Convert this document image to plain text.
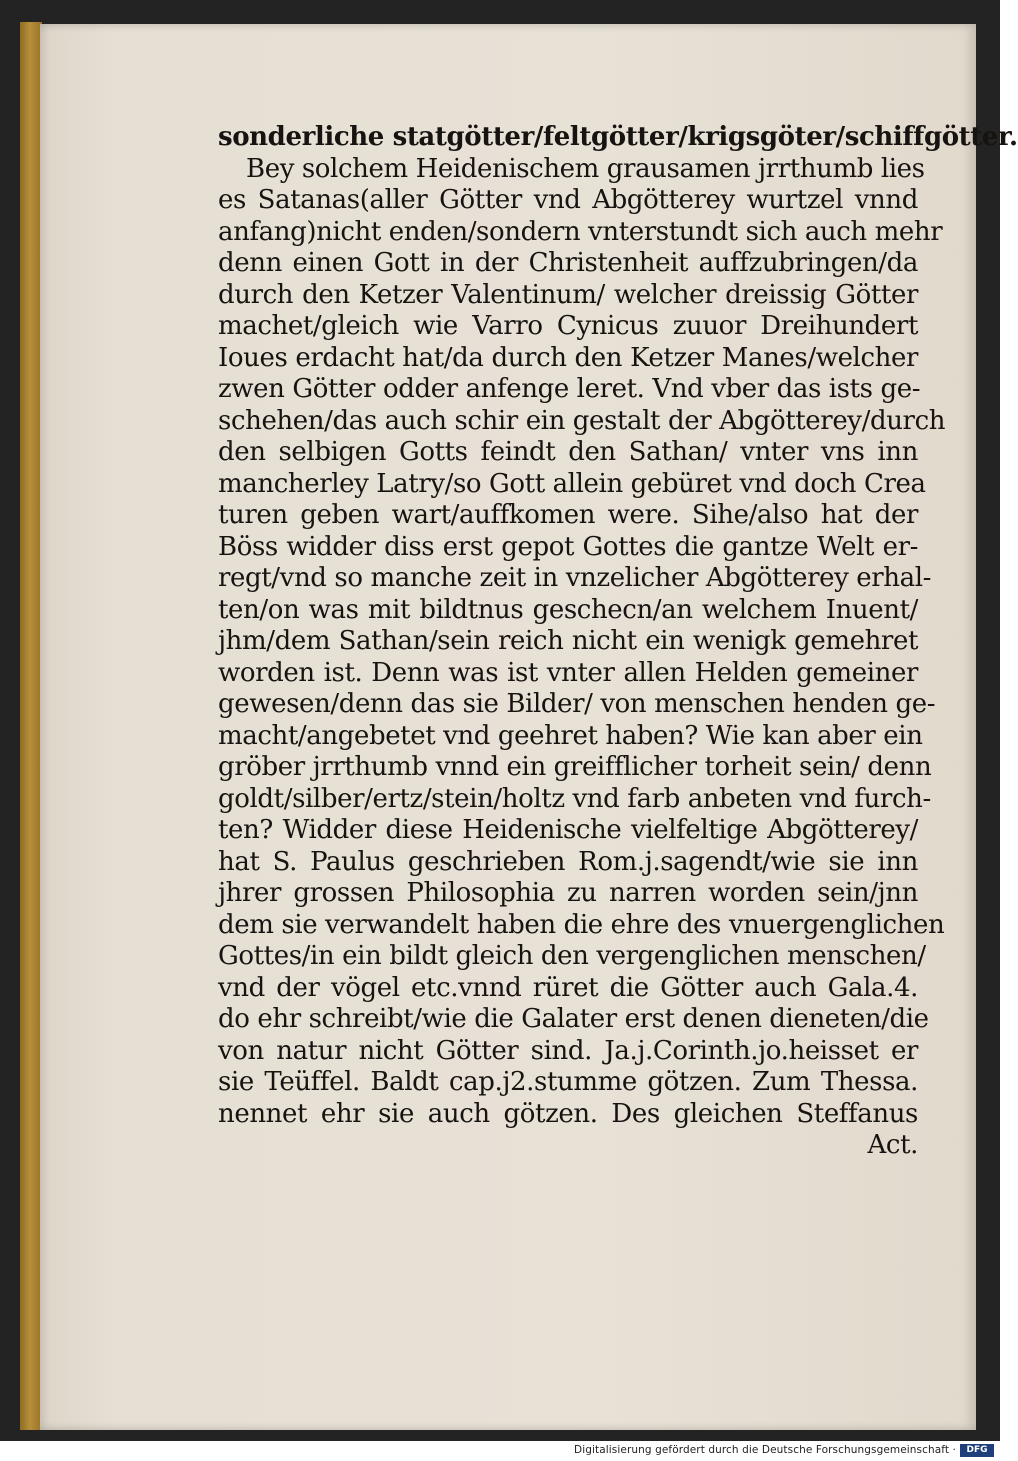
sonderliche statgötter/feltgötter/krigsgöter/schiffgötter.
Bey solchem Heidenischem grausamen jrrthumb lies
es Satanas(aller Götter vnd Abgötterey wurtzel vnnd
anfang)nicht enden/sondern vnterstundt sich auch mehr
denn einen Gott in der Christenheit auffzubringen/da
durch den Ketzer Valentinum/ welcher dreissig Götter
machet/gleich wie Varro Cynicus zuuor Dreihundert
Ioues erdacht hat/da durch den Ketzer Manes/welcher
zwen Götter odder anfenge leret. Vnd vber das ists ge-
schehen/das auch schir ein gestalt der Abgötterey/durch
den selbigen Gotts feindt den Sathan/ vnter vns inn
mancherley Latry/so Gott allein gebüret vnd doch Crea
turen geben wart/auffkomen were. Sihe/also hat der
Böss widder diss erst gepot Gottes die gantze Welt er-
regt/vnd so manche zeit in vnzelicher Abgötterey erhal-
ten/on was mit bildtnus geschecn/an welchem Inuent/
jhm/dem Sathan/sein reich nicht ein wenigk gemehret
worden ist. Denn was ist vnter allen Helden gemeiner
gewesen/denn das sie Bilder/ von menschen henden ge-
macht/angebetet vnd geehret haben? Wie kan aber ein
gröber jrrthumb vnnd ein greifflicher torheit sein/ denn
goldt/silber/ertz/stein/holtz vnd farb anbeten vnd furch-
ten? Widder diese Heidenische vielfeltige Abgötterey/
hat S. Paulus geschrieben Rom.j.sagendt/wie sie inn
jhrer grossen Philosophia zu narren worden sein/jnn
dem sie verwandelt haben die ehre des vnuergenglichen
Gottes/in ein bildt gleich den vergenglichen menschen/
vnd der vögel etc.vnnd rüret die Götter auch Gala.4.
do ehr schreibt/wie die Galater erst denen dieneten/die
von natur nicht Götter sind. Ja.j.Corinth.jo.heisset er
sie Teüffel. Baldt cap.j2.stumme götzen. Zum Thessa.
nennet ehr sie auch götzen. Des gleichen Steffanus
Act.
Digitalisierung gefördert durch die Deutsche Forschungsgemeinschaft ·	DFG
